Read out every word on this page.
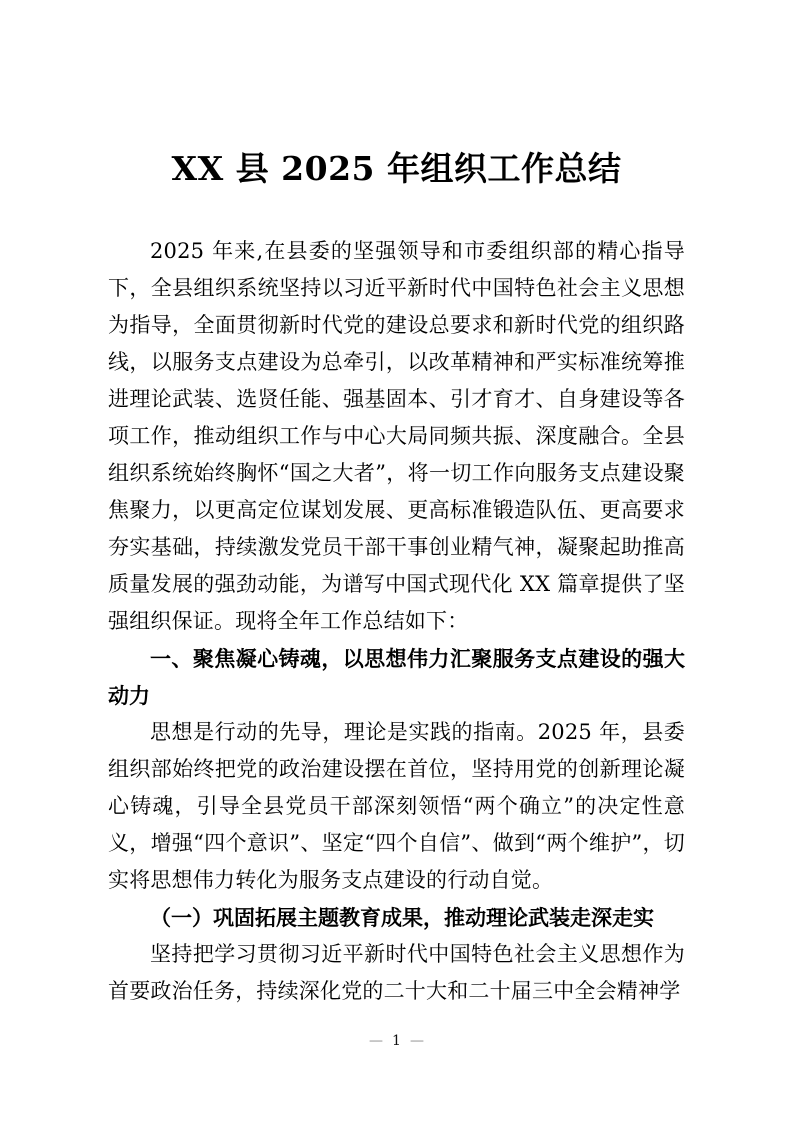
XX 县 2025 年组织工作总结

2025 年来,在县委的坚强领导和市委组织部的精心指导下，全县组织系统坚持以习近平新时代中国特色社会主义思想为指导，全面贯彻新时代党的建设总要求和新时代党的组织路线，以服务支点建设为总牵引，以改革精神和严实标准统筹推进理论武装、选贤任能、强基固本、引才育才、自身建设等各项工作，推动组织工作与中心大局同频共振、深度融合。全县组织系统始终胸怀“国之大者”，将一切工作向服务支点建设聚焦聚力，以更高定位谋划发展、更高标准锻造队伍、更高要求夯实基础，持续激发党员干部干事创业精气神，凝聚起助推高质量发展的强劲动能，为谱写中国式现代化 XX 篇章提供了坚强组织保证。现将全年工作总结如下：

一、聚焦凝心铸魂，以思想伟力汇聚服务支点建设的强大动力

思想是行动的先导，理论是实践的指南。2025 年，县委组织部始终把党的政治建设摆在首位，坚持用党的创新理论凝心铸魂，引导全县党员干部深刻领悟“两个确立”的决定性意义，增强“四个意识”、坚定“四个自信”、做到“两个维护”，切实将思想伟力转化为服务支点建设的行动自觉。

（一）巩固拓展主题教育成果，推动理论武装走深走实

坚持把学习贯彻习近平新时代中国特色社会主义思想作为首要政治任务，持续深化党的二十大和二十届三中全会精神学

— 1 —
